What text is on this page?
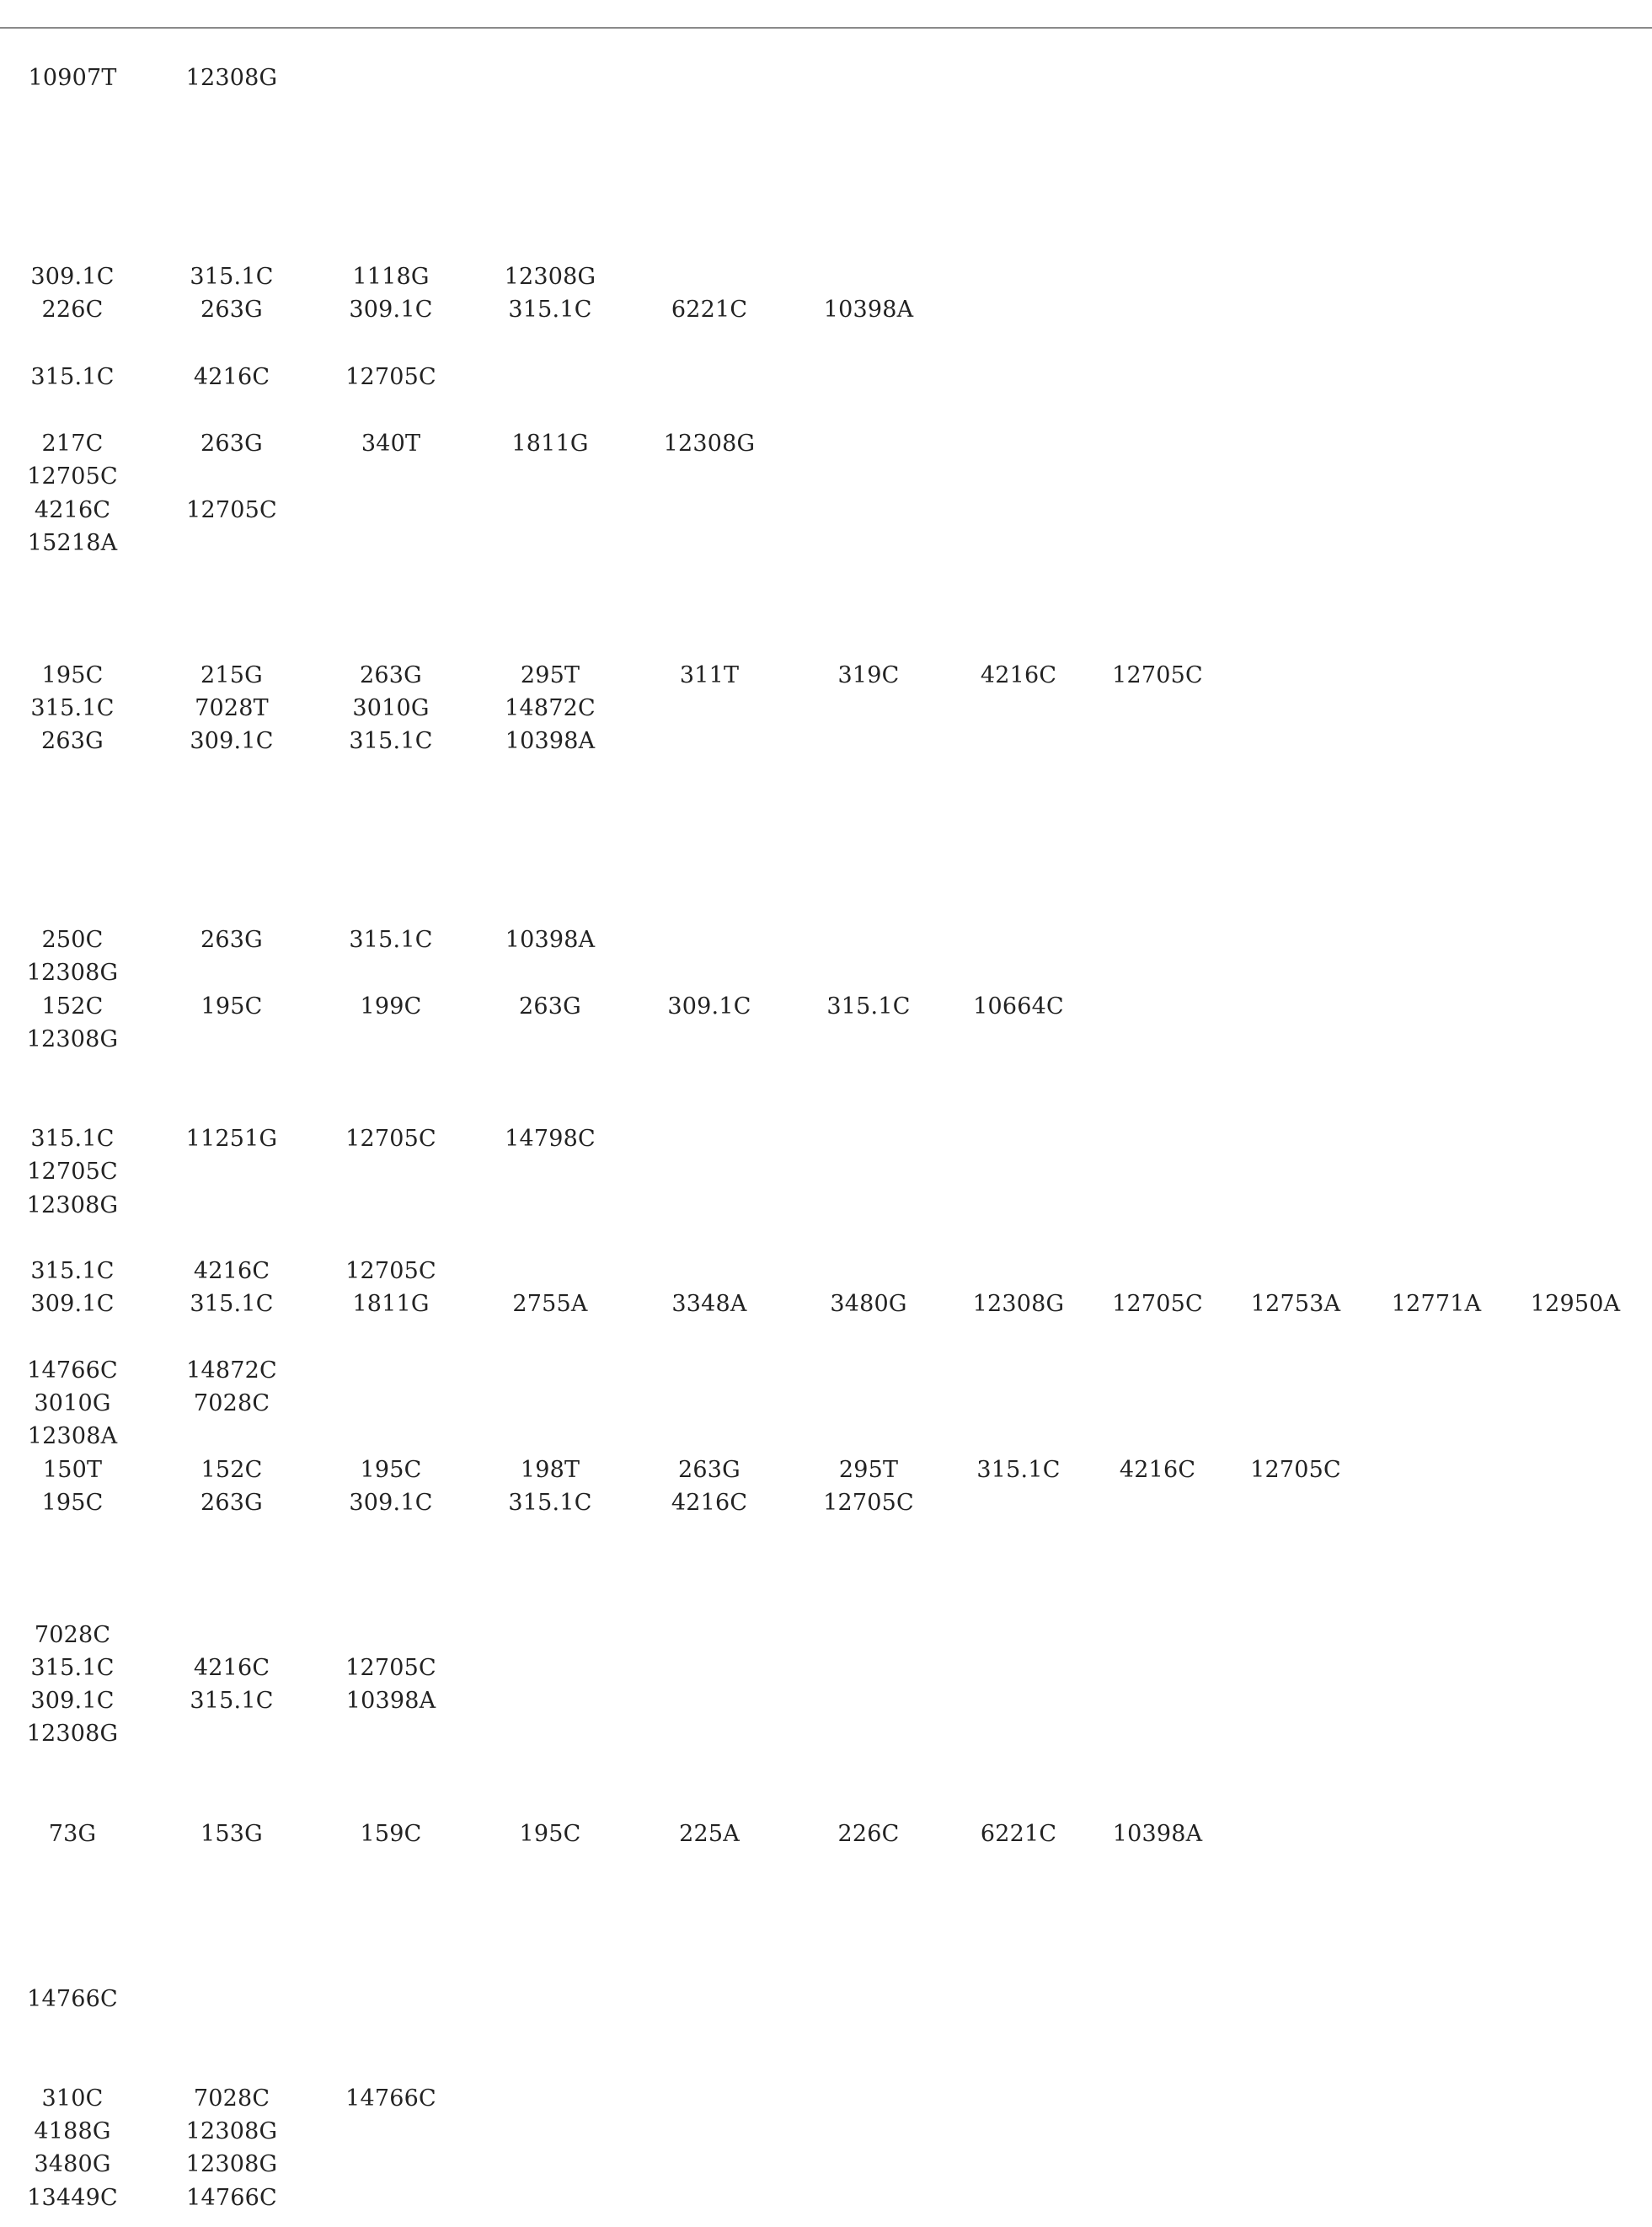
10907T	12308G
309.1C	315.1C	1118G	12308G
226C	263G	309.1C	315.1C	6221C	10398A
315.1C	4216C	12705C
217C	263G	340T	1811G	12308G
12705C
4216C	12705C
15218A
195C	215G	263G	295T	311T	319C	4216C	12705C
315.1C	7028T	3010G	14872C
263G	309.1C	315.1C	10398A
250C	263G	315.1C	10398A
12308G
152C	195C	199C	263G	309.1C	315.1C	10664C
12308G
315.1C	11251G	12705C	14798C
12705C
12308G
315.1C	4216C	12705C
309.1C	315.1C	1811G	2755A	3348A	3480G	12308G	12705C	12753A	12771A	12950A
14766C	14872C
3010G	7028C
12308A
150T	152C	195C	198T	263G	295T	315.1C	4216C	12705C
195C	263G	309.1C	315.1C	4216C	12705C
7028C
315.1C	4216C	12705C
309.1C	315.1C	10398A
12308G
73G	153G	159C	195C	225A	226C	6221C	10398A
14766C
310C	7028C	14766C
4188G	12308G
3480G	12308G
13449C	14766C
